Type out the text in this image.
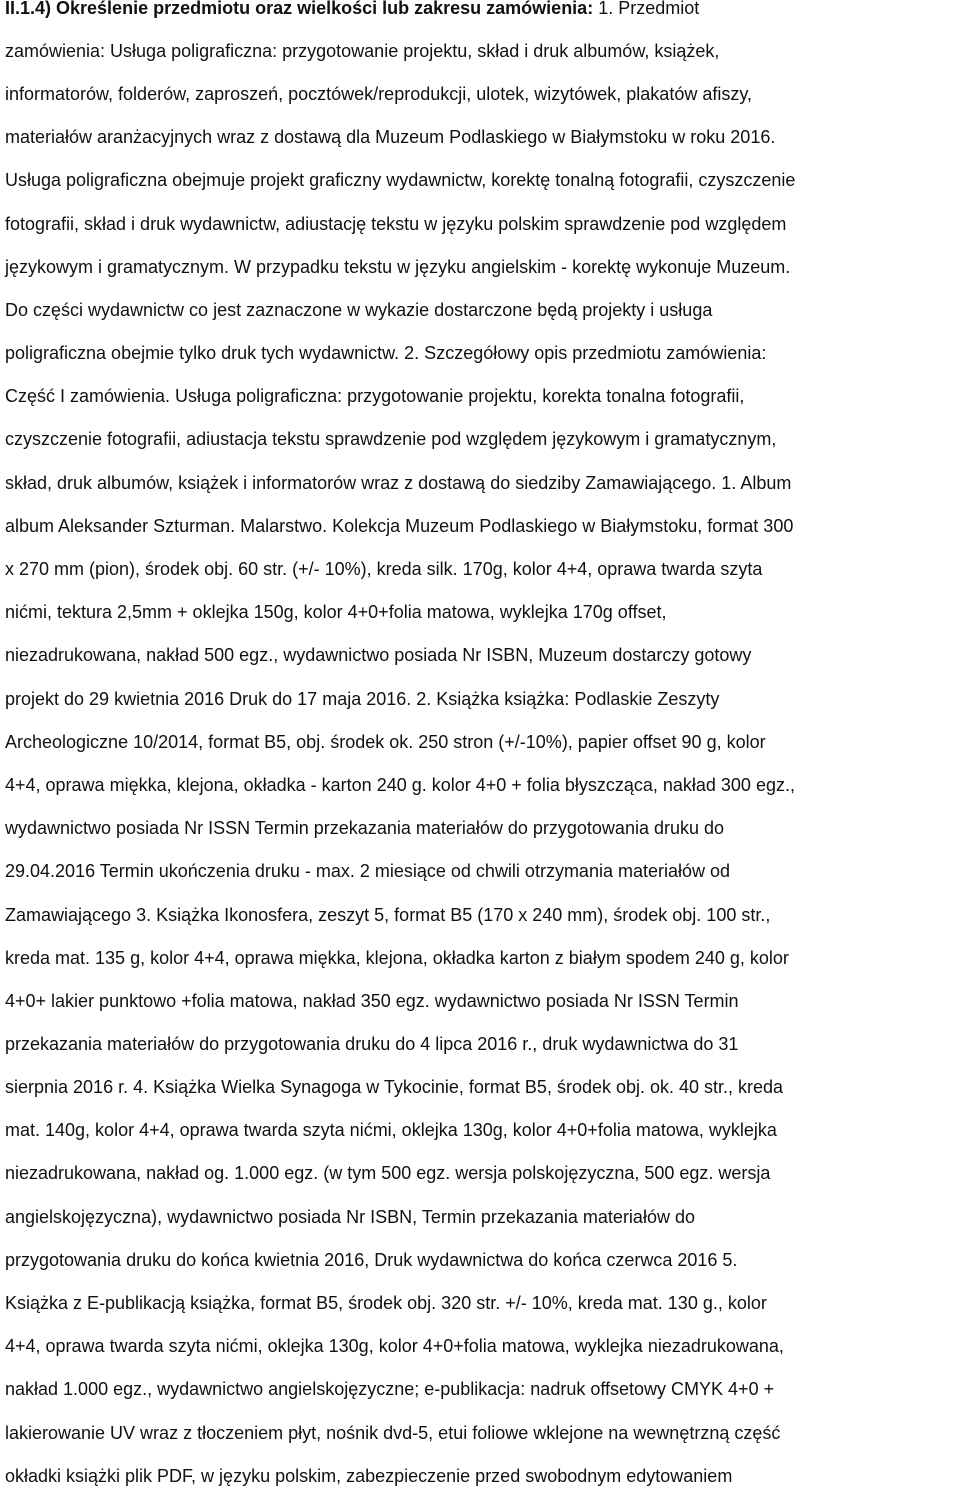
II.1.4) Określenie przedmiotu oraz wielkości lub zakresu zamówienia: 1. Przedmiot
zamówienia: Usługa poligraficzna: przygotowanie projektu, skład i druk albumów, książek,
informatorów, folderów, zaproszeń, pocztówek/reprodukcji, ulotek, wizytówek, plakatów afiszy,
materiałów aranżacyjnych wraz z dostawą dla Muzeum Podlaskiego w Białymstoku w roku 2016.
Usługa poligraficzna obejmuje projekt graficzny wydawnictw, korektę tonalną fotografii, czyszczenie
fotografii, skład i druk wydawnictw, adiustację tekstu w języku polskim sprawdzenie pod względem
językowym i gramatycznym. W przypadku tekstu w języku angielskim - korektę wykonuje Muzeum.
Do części wydawnictw co jest zaznaczone w wykazie dostarczone będą projekty i usługa
poligraficzna obejmie tylko druk tych wydawnictw. 2. Szczegółowy opis przedmiotu zamówienia:
Część I zamówienia. Usługa poligraficzna: przygotowanie projektu, korekta tonalna fotografii,
czyszczenie fotografii, adiustacja tekstu sprawdzenie pod względem językowym i gramatycznym,
skład, druk albumów, książek i informatorów wraz z dostawą do siedziby Zamawiającego. 1. Album
album Aleksander Szturman. Malarstwo. Kolekcja Muzeum Podlaskiego w Białymstoku, format 300
x 270 mm (pion), środek obj. 60 str. (+/- 10%), kreda silk. 170g, kolor 4+4, oprawa twarda szyta
nićmi, tektura 2,5mm + oklejka 150g, kolor 4+0+folia matowa, wyklejka 170g offset,
niezadrukowana, nakład 500 egz., wydawnictwo posiada Nr ISBN, Muzeum dostarczy gotowy
projekt do 29 kwietnia 2016 Druk do 17 maja 2016. 2. Książka książka: Podlaskie Zeszyty
Archeologiczne 10/2014, format B5, obj. środek ok. 250 stron (+/-10%), papier offset 90 g, kolor
4+4, oprawa miękka, klejona, okładka - karton 240 g. kolor 4+0 + folia błyszcząca, nakład 300 egz.,
wydawnictwo posiada Nr ISSN Termin przekazania materiałów do przygotowania druku do
29.04.2016 Termin ukończenia druku - max. 2 miesiące od chwili otrzymania materiałów od
Zamawiającego 3. Książka Ikonosfera, zeszyt 5, format B5 (170 x 240 mm), środek obj. 100 str.,
kreda mat. 135 g, kolor 4+4, oprawa miękka, klejona, okładka karton z białym spodem 240 g, kolor
4+0+ lakier punktowo +folia matowa, nakład 350 egz. wydawnictwo posiada Nr ISSN Termin
przekazania materiałów do przygotowania druku do 4 lipca 2016 r., druk wydawnictwa do 31
sierpnia 2016 r. 4. Książka Wielka Synagoga w Tykocinie, format B5, środek obj. ok. 40 str., kreda
mat. 140g, kolor 4+4, oprawa twarda szyta nićmi, oklejka 130g, kolor 4+0+folia matowa, wyklejka
niezadrukowana, nakład og. 1.000 egz. (w tym 500 egz. wersja polskojęzyczna, 500 egz. wersja
angielskojęzyczna), wydawnictwo posiada Nr ISBN, Termin przekazania materiałów do
przygotowania druku do końca kwietnia 2016, Druk wydawnictwa do końca czerwca 2016 5.
Książka z E-publikacją książka, format B5, środek obj. 320 str. +/- 10%, kreda mat. 130 g., kolor
4+4, oprawa twarda szyta nićmi, oklejka 130g, kolor 4+0+folia matowa, wyklejka niezadrukowana,
nakład 1.000 egz., wydawnictwo angielskojęzyczne; e-publikacja: nadruk offsetowy CMYK 4+0 +
lakierowanie UV wraz z tłoczeniem płyt, nośnik dvd-5, etui foliowe wklejone na wewnętrzną część
okładki książki plik PDF, w języku polskim, zabezpieczenie przed swobodnym edytowaniem
